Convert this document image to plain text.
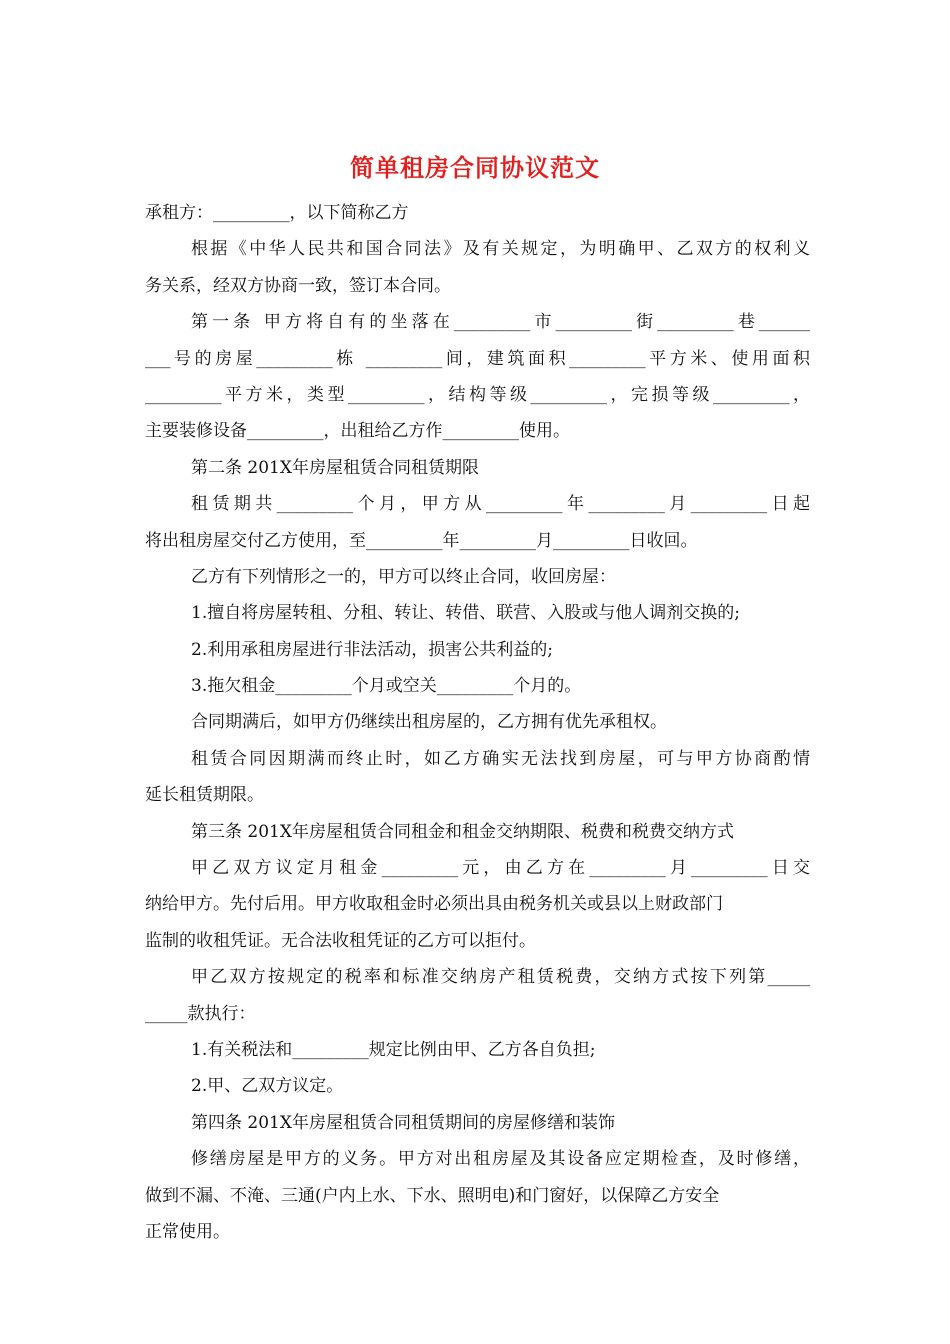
简单租房合同协议范文
承租方：_________，以下简称乙方
根据《中华人民共和国合同法》及有关规定，为明确甲、乙双方的权利义
务关系，经双方协商一致，签订本合同。
第一条 甲方将自有的坐落在_________市_________街_________巷______
___号的房屋_________栋 _________间，建筑面积_________平方米、使用面积
_________平方米，类型_________，结构等级_________，完损等级_________，
主要装修设备_________，出租给乙方作_________使用。
第二条 201X年房屋租赁合同租赁期限
租赁期共_________个月，甲方从_________年_________月_________日起
将出租房屋交付乙方使用，至_________年_________月_________日收回。
乙方有下列情形之一的，甲方可以终止合同，收回房屋：
1.擅自将房屋转租、分租、转让、转借、联营、入股或与他人调剂交换的;
2.利用承租房屋进行非法活动，损害公共利益的;
3.拖欠租金_________个月或空关_________个月的。
合同期满后，如甲方仍继续出租房屋的，乙方拥有优先承租权。
租赁合同因期满而终止时，如乙方确实无法找到房屋，可与甲方协商酌情
延长租赁期限。
第三条 201X年房屋租赁合同租金和租金交纳期限、税费和税费交纳方式
甲乙双方议定月租金_________元，由乙方在_________月_________日交
纳给甲方。先付后用。甲方收取租金时必须出具由税务机关或县以上财政部门
监制的收租凭证。无合法收租凭证的乙方可以拒付。
甲乙双方按规定的税率和标准交纳房产租赁税费，交纳方式按下列第_____
_____款执行：
1.有关税法和_________规定比例由甲、乙方各自负担;
2.甲、乙双方议定。
第四条 201X年房屋租赁合同租赁期间的房屋修缮和装饰
修缮房屋是甲方的义务。甲方对出租房屋及其设备应定期检查，及时修缮，
做到不漏、不淹、三通(户内上水、下水、照明电)和门窗好，以保障乙方安全
正常使用。
